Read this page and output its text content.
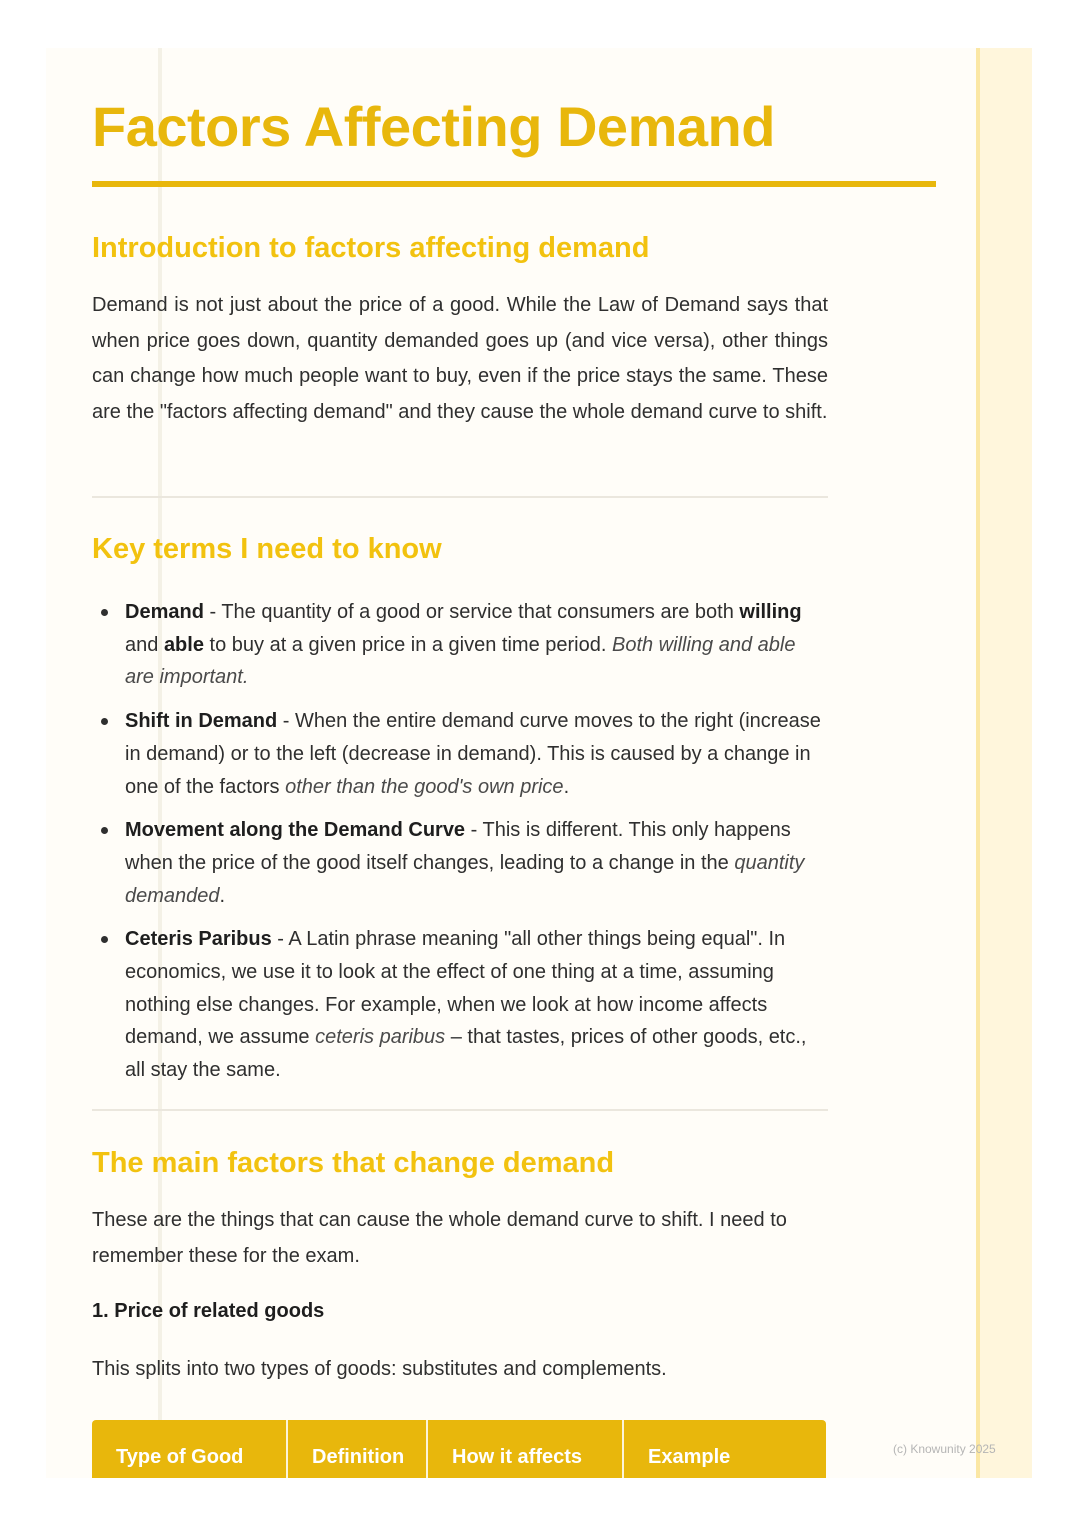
Factors Affecting Demand
Introduction to factors affecting demand

Demand is not just about the price of a good. While the Law of Demand says that when price goes down, quantity demanded goes up (and vice versa), other things can change how much people want to buy, even if the price stays the same. These are the "factors affecting demand" and they cause the whole demand curve to shift.

Key terms I need to know
Demand - The quantity of a good or service that consumers are both willing and able to buy at a given price in a given time period. Both willing and able are important.
Shift in Demand - When the entire demand curve moves to the right (increase in demand) or to the left (decrease in demand). This is caused by a change in one of the factors other than the good's own price.
Movement along the Demand Curve - This is different. This only happens when the price of the good itself changes, leading to a change in the quantity demanded.
Ceteris Paribus - A Latin phrase meaning "all other things being equal". In economics, we use it to look at the effect of one thing at a time, assuming nothing else changes. For example, when we look at how income affects demand, we assume ceteris paribus – that tastes, prices of other goods, etc., all stay the same.
The main factors that change demand

These are the things that can cause the whole demand curve to shift. I need to remember these for the exam.

1. Price of related goods

This splits into two types of goods: substitutes and complements.

Type of Good	Definition	How it affects	Example	(c) Knowunity 2025
